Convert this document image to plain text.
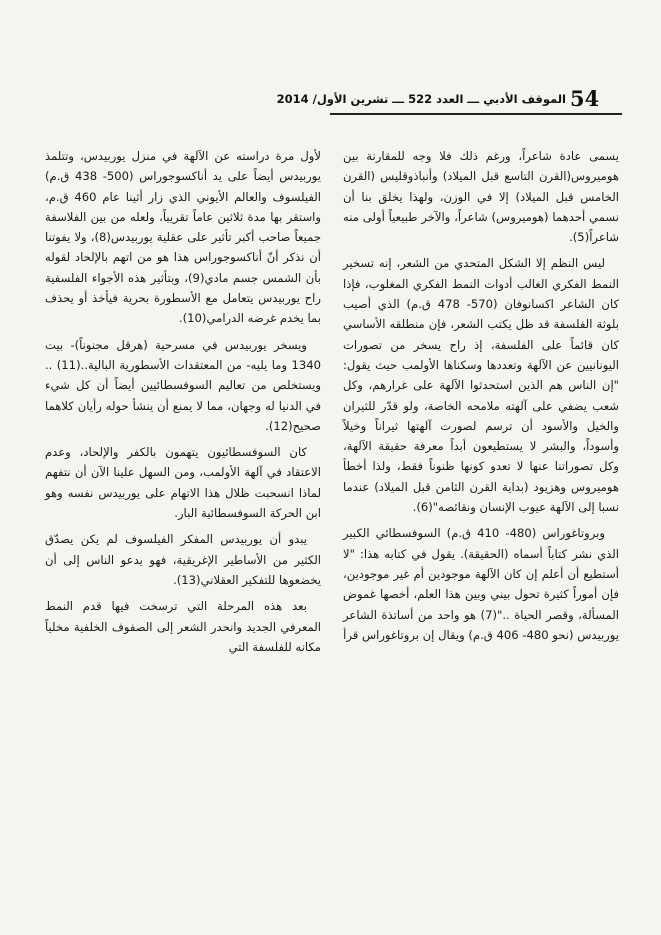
54
الموقف الأدبي ـــ العدد 522 ـــ تشرين الأول/ 2014

يسمى عادة شاعراً، ورغم ذلك فلا وجه للمقارنة بين هوميروس(القرن التاسع قبل الميلاد) وأنباذوقليس (القرن الخامس قبل الميلاد) إلا في الوزن، ولهذا يخلق بنا أن نسمي أحدهما (هوميروس) شاعراً، والآخر طبيعياً أولى منه شاعراً(5).

ليس النظم إلا الشكل المتحدي من الشعر، إنه تسخير النمط الفكري الغالب أدوات النمط الفكري المغلوب، فإذا كان الشاعر اكسانوفان (570- 478 ق.م) الذي أصيب بلوثة الفلسفة قد ظل يكتب الشعر، فإن منطلقه الأساسي كان قائماً على الفلسفة، إذ راح يسخر من تصورات اليونانيين عن الآلهة وتعددها وسكناها الأولمب حيث يقول: "إن الناس هم الذين استحدثوا الآلهة على غرارهم، وكل شعب يضفي على آلهته ملامحه الخاصة، ولو قدّر للثيران والخيل والأسود أن ترسم لصورت آلهتها ثيراناً وخيلاً وأسوداً، والبشر لا يستطيعون أبداً معرفة حقيقة الآلهة، وكل تصوراتنا عنها لا تعدو كونها ظنوناً فقط، ولذا أخطأ هوميروس وهزيود (بداية القرن الثامن قبل الميلاد) عندما نسبا إلى الآلهة عيوب الإنسان ونقائصه"(6).

وبروتاغوراس (480- 410 ق.م) السوفسطائي الكبير الذي نشر كتاباً أسماه (الحقيقة). يقول في كتابه هذا: "لا أستطيع أن أعلم إن كان الآلهة موجودين أم غير موجودين، فإن أموراً كثيرة تحول بيني وبين هذا العلم، أخصها غموض المسألة، وقصر الحياة .."(7) هو واحد من أساتذة الشاعر يوربيدس (نحو 480- 406 ق.م) ويقال إن بروتاغوراس قرأ

لأول مرة دراسته عن الآلهة في منزل يوربيدس، وتتلمذ يوربيدس أيضاً على يد أناكسوجوراس (500- 438 ق.م) الفيلسوف والعالم الأيوني الذي زار أثينا عام 460 ق.م، واستقر بها مدة ثلاثين عاماً تقريباً، ولعله من بين الفلاسفة جميعاً صاحب أكبر تأثير على عقلية يوربيدس(8)، ولا يفوتنا أن نذكر أنّ أناكسوجوراس هذا هو من اتهم بالإلحاد لقوله بأن الشمس جسم مادي(9)، وبتأثير هذه الأجواء الفلسفية راح يوربيدس يتعامل مع الأسطورة بحرية فيأخذ أو يحذف بما يخدم غرضه الدرامي(10).

ويسخر يوربيدس في مسرحية (هرقل مجنوناً)- بيت 1340 وما يليه- من المعتقدات الأسطورية البالية..(11) .. ويستخلص من تعاليم السوفسطائيين أيضاً أن كل شيء في الدنيا له وجهان، مما لا يمنع أن ينشأ حوله رأيان كلاهما صحيح(12).

كان السوفسطائيون يتهمون بالكفر والإلحاد، وعدم الاعتقاد في آلهة الأولمب، ومن السهل علينا الآن أن نتفهم لماذا انسحبت ظلال هذا الاتهام على يوربيدس نفسه وهو ابن الحركة السوفسطائية البار.

يبدو أن يوربيدس المفكر الفيلسوف لم يكن يصدّق الكثير من الأساطير الإغريقية، فهو يدعو الناس إلى أن يخضعوها للتفكير العقلاني(13).

بعد هذه المرحلة التي ترسخت فيها قدم النمط المعرفي الجديد وانحدر الشعر إلى الصفوف الخلفية مخلياً مكانه للفلسفة التي
